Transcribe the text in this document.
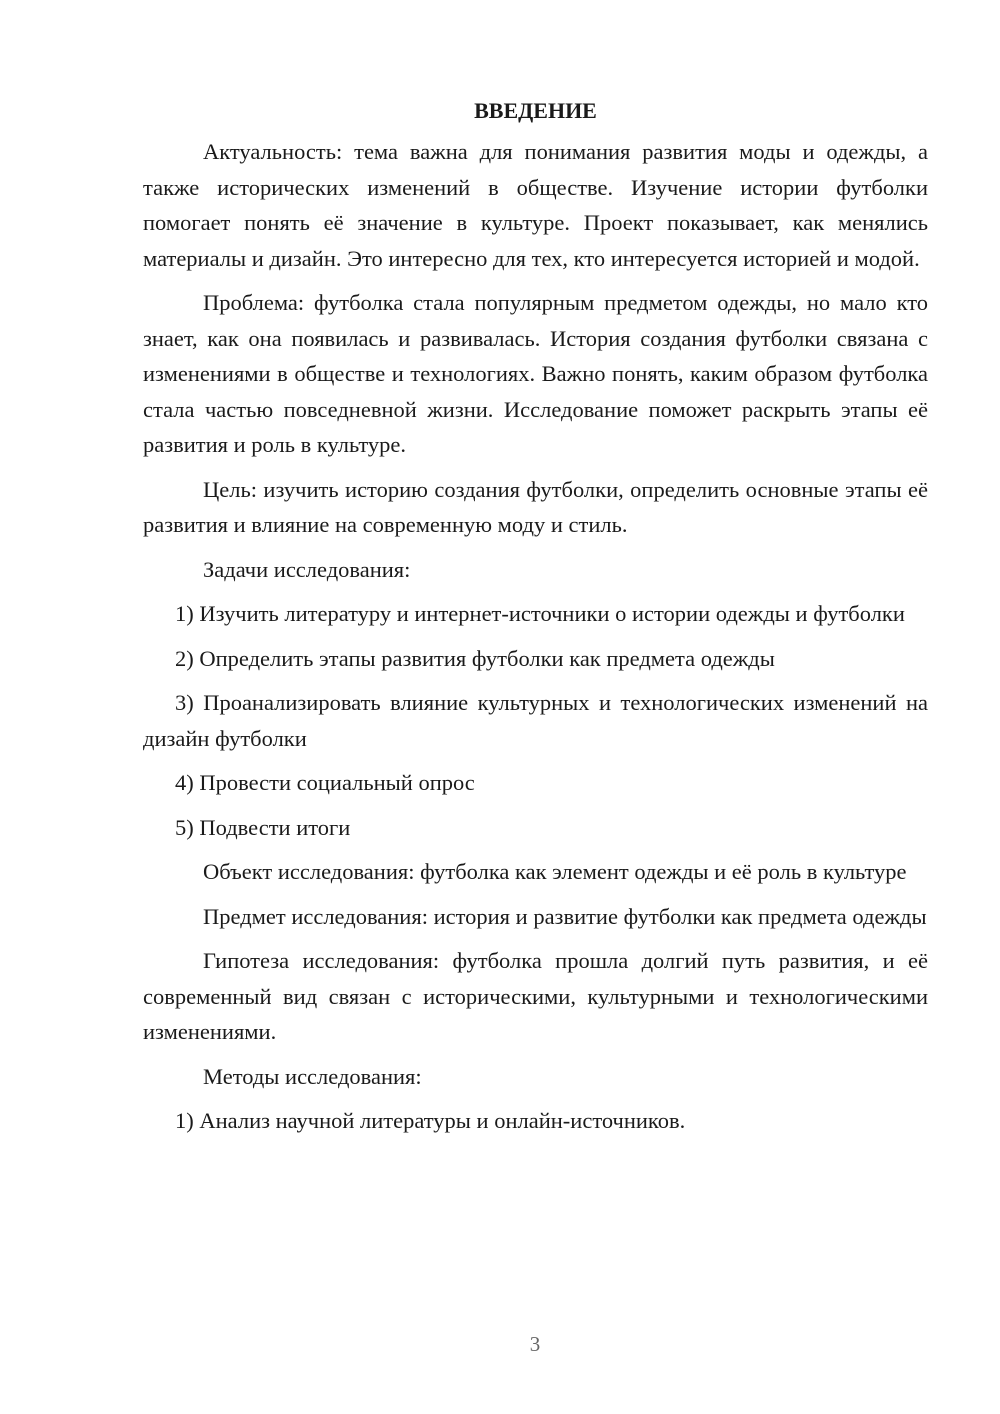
ВВЕДЕНИЕ

Актуальность: тема важна для понимания развития моды и одежды, а также исторических изменений в обществе. Изучение истории футболки помогает понять её значение в культуре. Проект показывает, как менялись материалы и дизайн. Это интересно для тех, кто интересуется историей и модой.

Проблема: футболка стала популярным предметом одежды, но мало кто знает, как она появилась и развивалась. История создания футболки связана с изменениями в обществе и технологиях. Важно понять, каким образом футболка стала частью повседневной жизни. Исследование поможет раскрыть этапы её развития и роль в культуре.

Цель: изучить историю создания футболки, определить основные этапы её развития и влияние на современную моду и стиль.

Задачи исследования:

1) Изучить литературу и интернет-источники о истории одежды и футболки

2) Определить этапы развития футболки как предмета одежды

3) Проанализировать влияние культурных и технологических изменений на дизайн футболки

4) Провести социальный опрос

5) Подвести итоги

Объект исследования: футболка как элемент одежды и её роль в культуре

Предмет исследования: история и развитие футболки как предмета одежды

Гипотеза исследования: футболка прошла долгий путь развития, и её современный вид связан с историческими, культурными и технологическими изменениями.

Методы исследования:

1) Анализ научной литературы и онлайн-источников.

3
